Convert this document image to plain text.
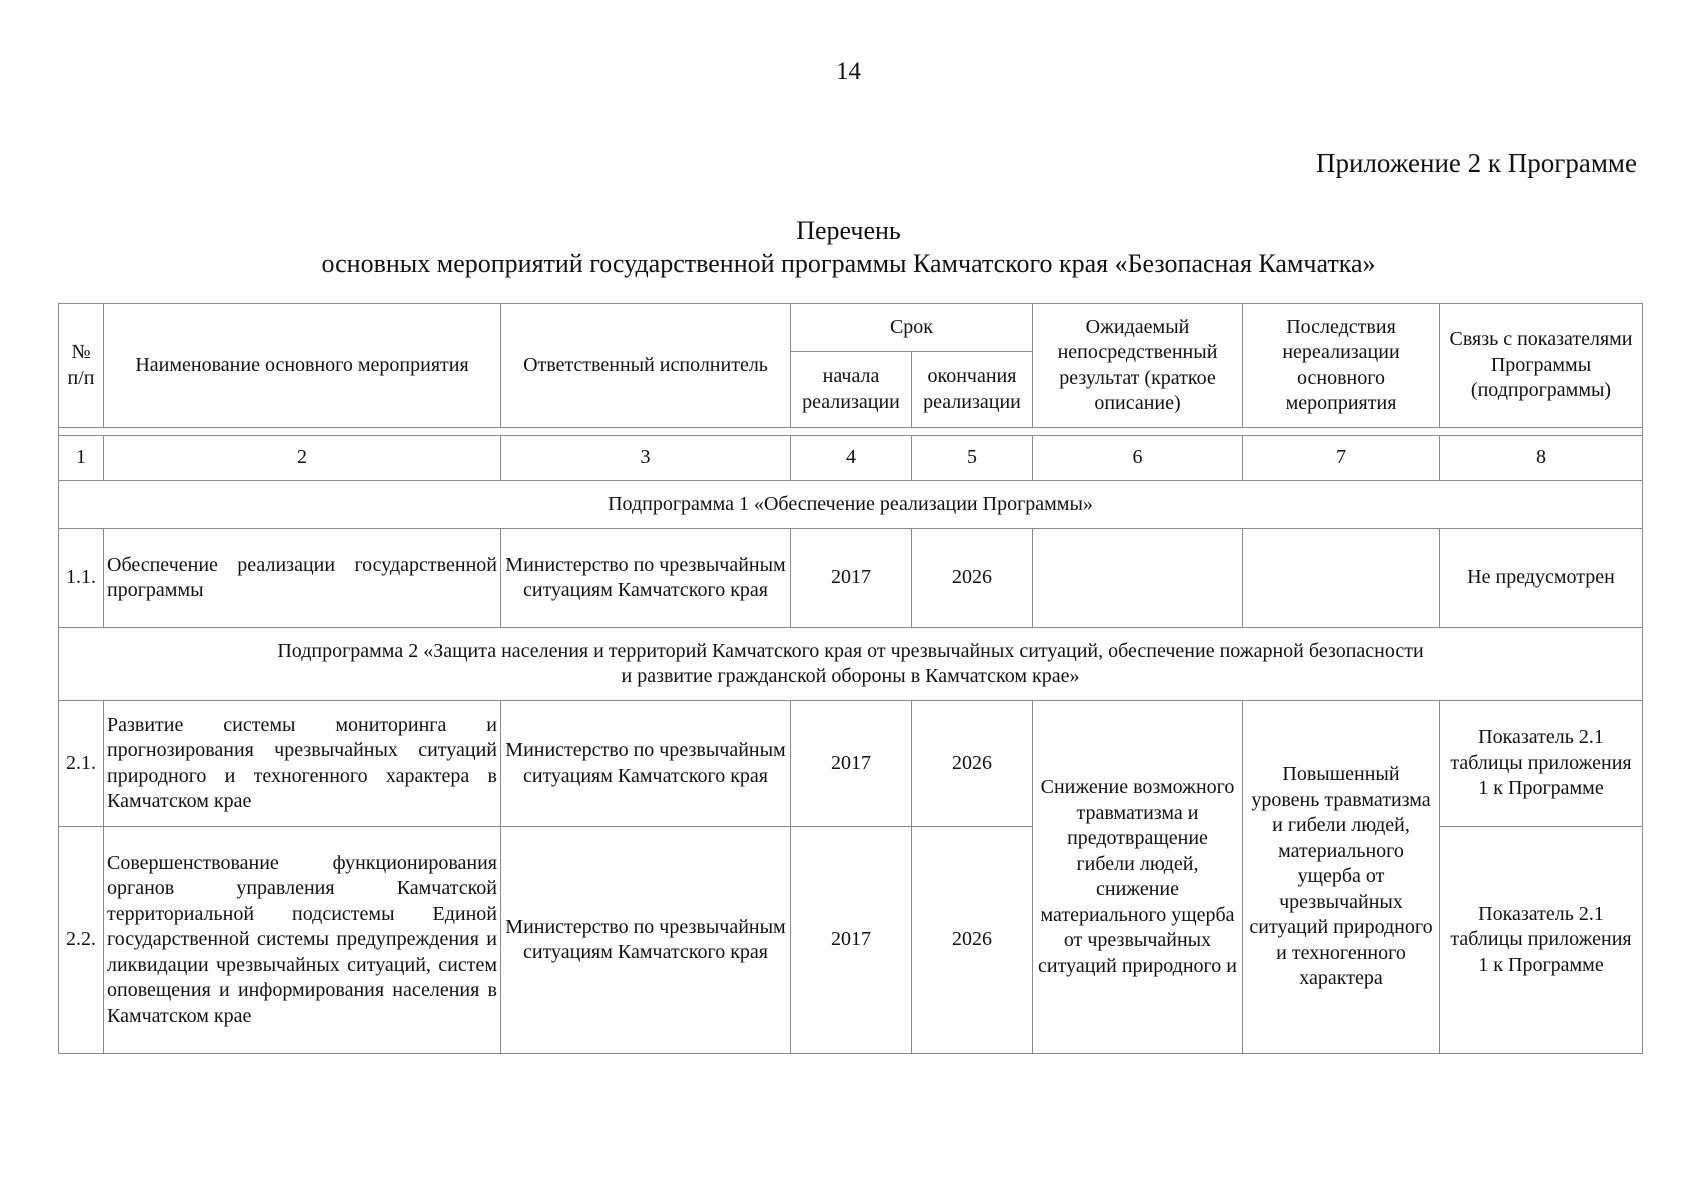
14
Приложение 2 к Программе
Перечень
основных мероприятий государственной программы Камчатского края «Безопасная Камчатка»
№ п/п	Наименование основного мероприятия	Ответственный исполнитель	Срок		Ожидаемый непосредственный результат (краткое описание)	Последствия нереализации основного мероприятия	Связь с показателями Программы (подпрограммы)
			начала реализации	окончания реализации			

1	2	3	4	5	6	7	8
Подпрограмма 1 «Обеспечение реализации Программы»							
1.1.	Обеспечение реализации государственной программы	Министерство по чрезвычайным ситуациям Камчатского края	2017	2026			Не предусмотрен

Подпрограмма 2 «Защита населения и территорий Камчатского края от чрезвычайных ситуаций, обеспечение пожарной безопасности
и развитие гражданской обороны в Камчатском крае»							

2.1.	Развитие системы мониторинга и прогнозирования чрезвычайных ситуаций природного и техногенного характера в Камчатском крае	Министерство по чрезвычайным ситуациям Камчатского края	2017	2026	Снижение возможного травматизма и предотвращение гибели людей, снижение материального ущерба от чрезвычайных ситуаций природного и	Повышенный уровень травматизма и гибели людей, материального ущерба от чрезвычайных ситуаций природного и техногенного характера	Показатель 2.1 таблицы приложения 1 к Программе
2.2.	Совершенствование функционирования органов управления Камчатской территориальной подсистемы Единой государственной системы предупреждения и ликвидации чрезвычайных ситуаций, систем оповещения и информирования населения в Камчатском крае	Министерство по чрезвычайным ситуациям Камчатского края	2017	2026			Показатель 2.1 таблицы приложения 1 к Программе
